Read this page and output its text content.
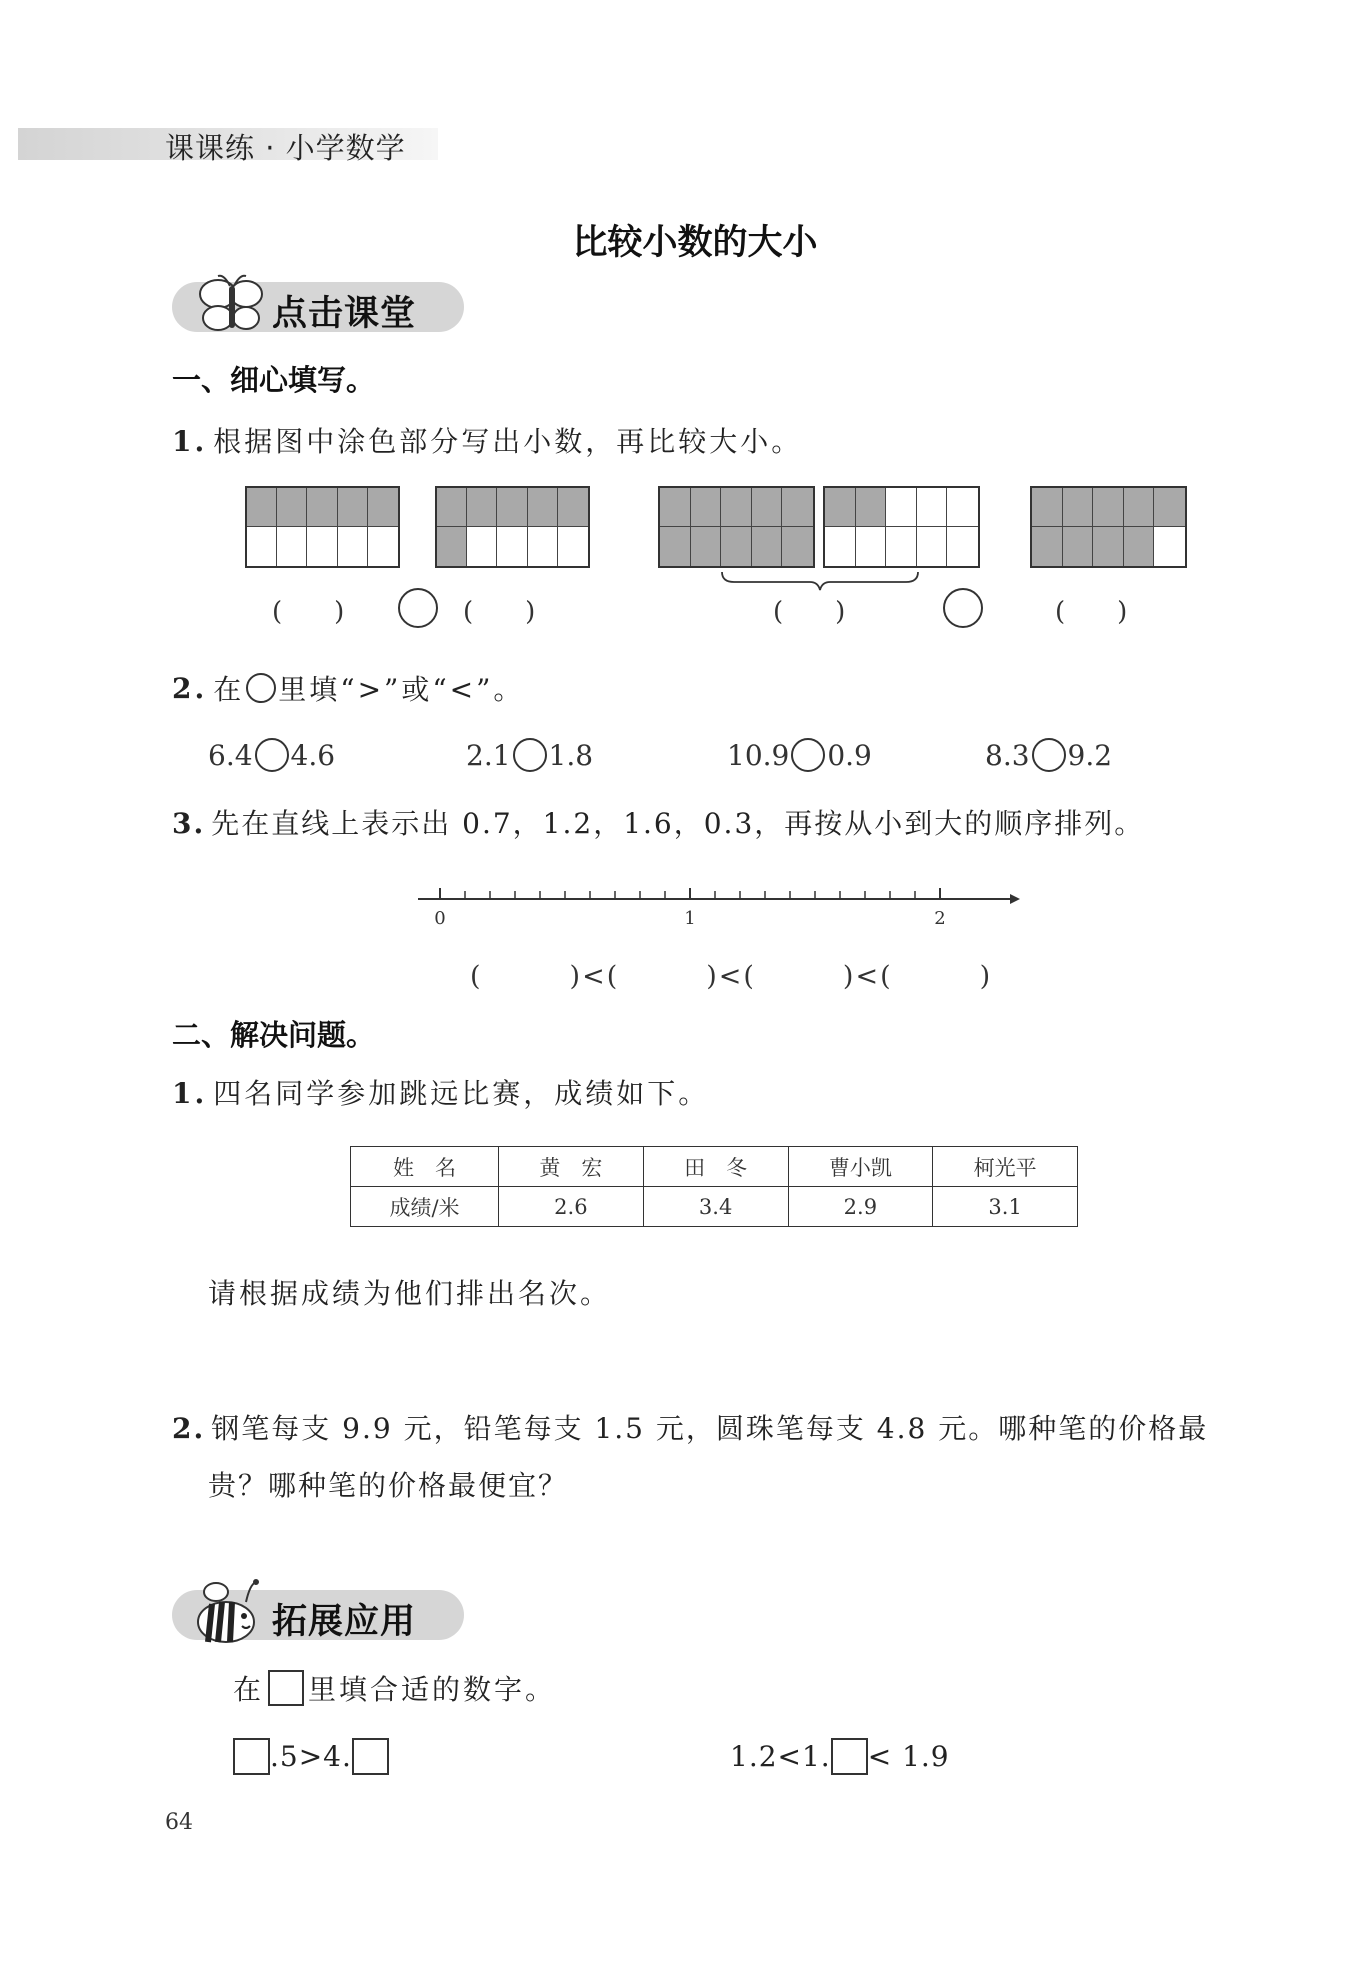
课课练 · 小学数学
比较小数的大小
点击课堂
一、细心填写。
1. 根据图中涂色部分写出小数，再比较大小。
(　　)	(　　)	(　　)	(　　)
2. 在 里填“>”或“<”。
6.4 4.6	2.1 1.8	10.9 0.9	8.3 9.2
3. 先在直线上表示出 0.7，1.2，1.6，0.3，再按从小到大的顺序排列。
0	1	2
(　　　)<(　　　)<(　　　)<(　　　)
二、解决问题。
1. 四名同学参加跳远比赛，成绩如下。
姓　名	黄　宏	田　冬	曹小凯	柯光平
成绩/米	2.6	3.4	2.9	3.1
请根据成绩为他们排出名次。
2. 钢笔每支 9.9 元，铅笔每支 1.5 元，圆珠笔每支 4.8 元。哪种笔的价格最
贵？哪种笔的价格最便宜？
拓展应用
在 里填合适的数字。
.5>4.	1.2<1. < 1.9
64
